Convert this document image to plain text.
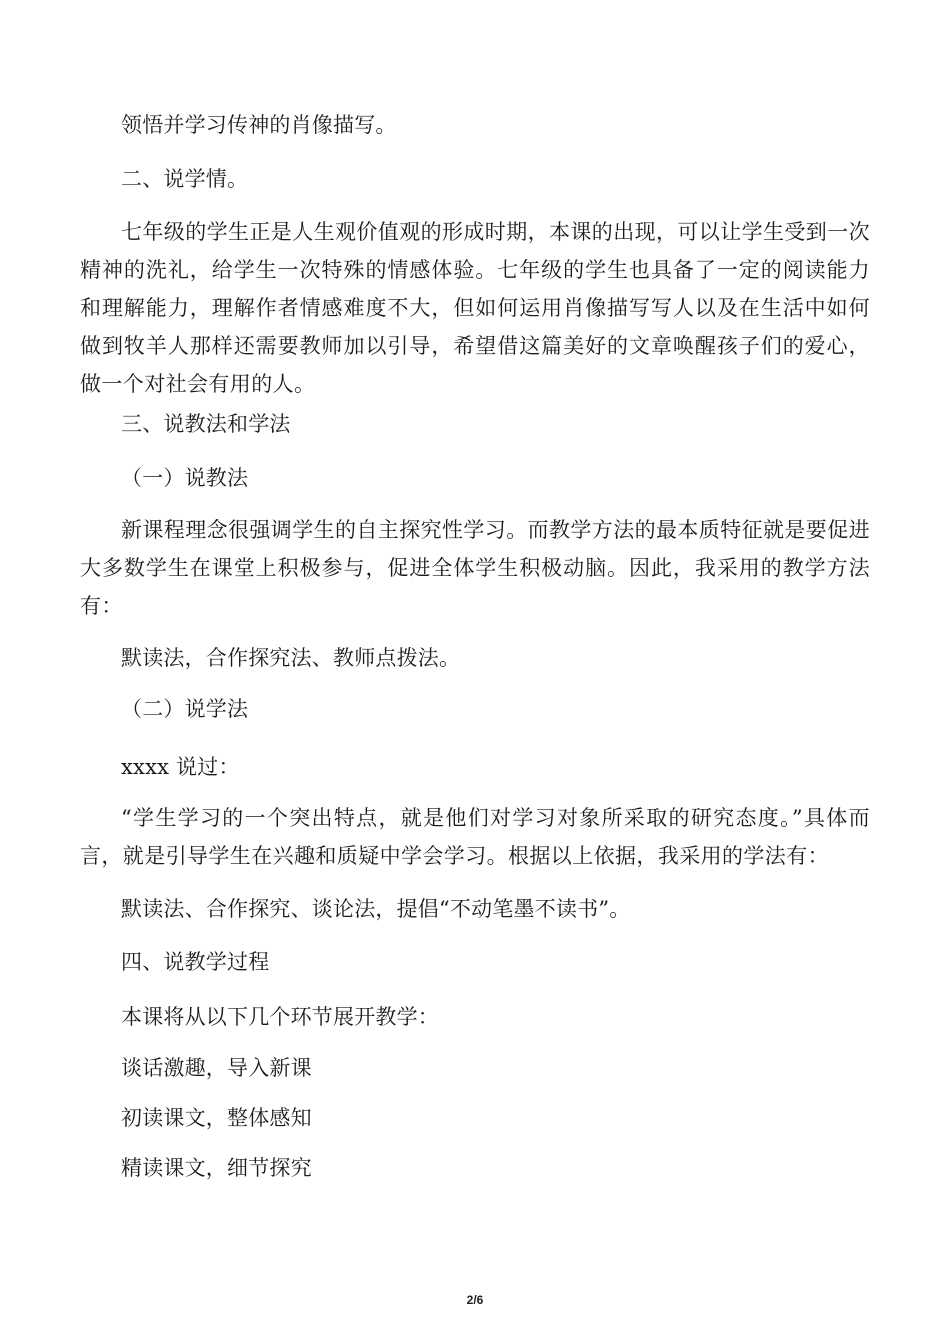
领悟并学习传神的肖像描写。
二、说学情。
七年级的学生正是人生观价值观的形成时期，本课的出现，可以让学生受到一次精神的洗礼，给学生一次特殊的情感体验。七年级的学生也具备了一定的阅读能力和理解能力，理解作者情感难度不大，但如何运用肖像描写写人以及在生活中如何做到牧羊人那样还需要教师加以引导，希望借这篇美好的文章唤醒孩子们的爱心，做一个对社会有用的人。
三、说教法和学法
（一）说教法
新课程理念很强调学生的自主探究性学习。而教学方法的最本质特征就是要促进大多数学生在课堂上积极参与，促进全体学生积极动脑。因此，我采用的教学方法有：
默读法，合作探究法、教师点拨法。
（二）说学法
xxxx 说过：
“学生学习的一个突出特点，就是他们对学习对象所采取的研究态度。”具体而言，就是引导学生在兴趣和质疑中学会学习。根据以上依据，我采用的学法有：
默读法、合作探究、谈论法，提倡“不动笔墨不读书”。
四、说教学过程
本课将从以下几个环节展开教学：
谈话激趣，导入新课
初读课文，整体感知
精读课文，细节探究
2/6
